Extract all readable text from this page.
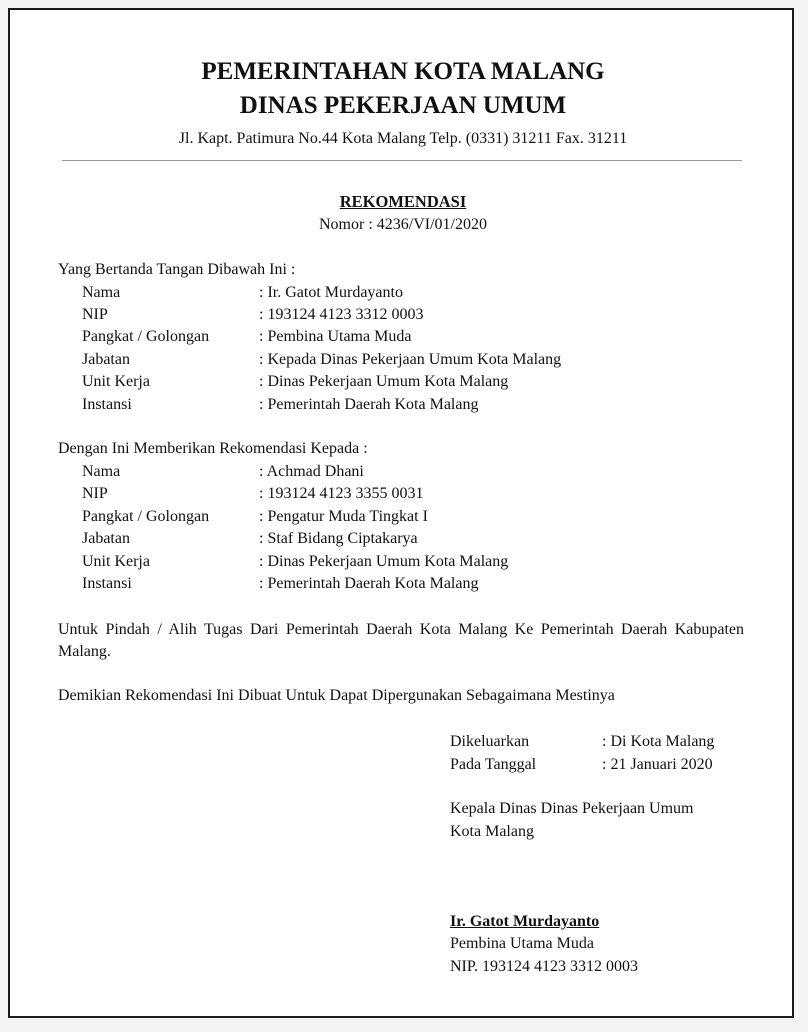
PEMERINTAHAN KOTA MALANG
DINAS PEKERJAAN UMUM
Jl. Kapt. Patimura No.44 Kota Malang Telp. (0331) 31211 Fax. 31211
REKOMENDASI
Nomor : 4236/VI/01/2020
Yang Bertanda Tangan Dibawah Ini :
Nama	: Ir. Gatot Murdayanto
NIP	: 193124 4123 3312 0003
Pangkat / Golongan	: Pembina Utama Muda
Jabatan	: Kepada Dinas Pekerjaan Umum Kota Malang
Unit Kerja	: Dinas Pekerjaan Umum Kota Malang
Instansi	: Pemerintah Daerah Kota Malang
Dengan Ini Memberikan Rekomendasi Kepada :
Nama	: Achmad Dhani
NIP	: 193124 4123 3355 0031
Pangkat / Golongan	: Pengatur Muda Tingkat I
Jabatan	: Staf Bidang Ciptakarya
Unit Kerja	: Dinas Pekerjaan Umum Kota Malang
Instansi	: Pemerintah Daerah Kota Malang
Untuk Pindah / Alih Tugas Dari Pemerintah Daerah Kota Malang Ke Pemerintah Daerah Kabupaten Malang.
Demikian Rekomendasi Ini Dibuat Untuk Dapat Dipergunakan Sebagaimana Mestinya
Dikeluarkan	: Di Kota Malang
Pada Tanggal	: 21 Januari 2020
Kepala Dinas Dinas Pekerjaan Umum
Kota Malang
Ir. Gatot Murdayanto
Pembina Utama Muda
NIP. 193124 4123 3312 0003
